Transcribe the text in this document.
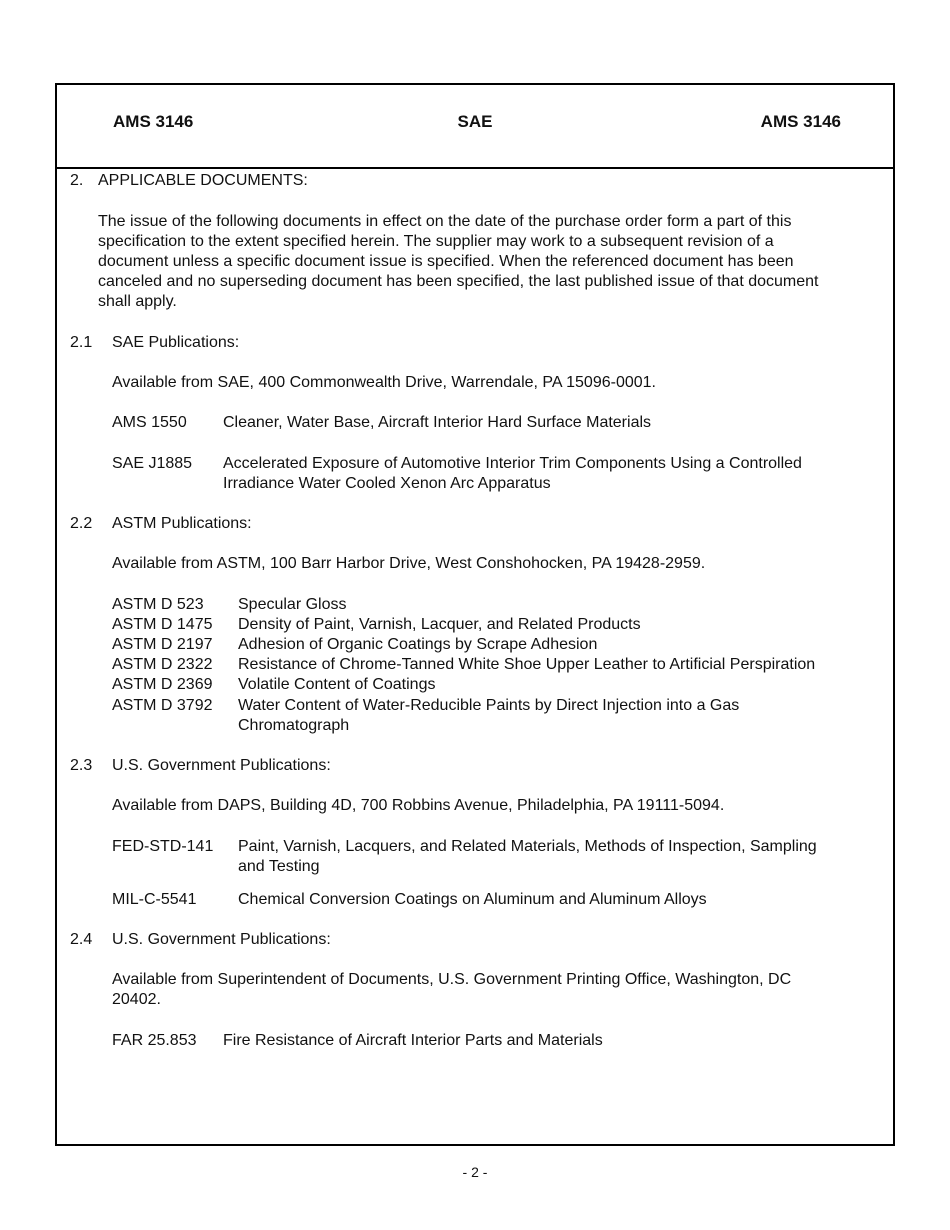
AMS 3146	SAE	AMS 3146
2. APPLICABLE DOCUMENTS:
The issue of the following documents in effect on the date of the purchase order form a part of this
specification to the extent specified herein. The supplier may work to a subsequent revision of a
document unless a specific document issue is specified. When the referenced document has been
canceled and no superseding document has been specified, the last published issue of that document
shall apply.
2.1 SAE Publications:
Available from SAE, 400 Commonwealth Drive, Warrendale, PA 15096-0001.
AMS 1550 Cleaner, Water Base, Aircraft Interior Hard Surface Materials
SAE J1885 Accelerated Exposure of Automotive Interior Trim Components Using a Controlled
Irradiance Water Cooled Xenon Arc Apparatus
2.2 ASTM Publications:
Available from ASTM, 100 Barr Harbor Drive, West Conshohocken, PA 19428-2959.
ASTM D 523 Specular Gloss
ASTM D 1475 Density of Paint, Varnish, Lacquer, and Related Products
ASTM D 2197 Adhesion of Organic Coatings by Scrape Adhesion
ASTM D 2322 Resistance of Chrome-Tanned White Shoe Upper Leather to Artificial Perspiration
ASTM D 2369 Volatile Content of Coatings
ASTM D 3792 Water Content of Water-Reducible Paints by Direct Injection into a Gas
Chromatograph
2.3 U.S. Government Publications:
Available from DAPS, Building 4D, 700 Robbins Avenue, Philadelphia, PA 19111-5094.
FED-STD-141 Paint, Varnish, Lacquers, and Related Materials, Methods of Inspection, Sampling
and Testing
MIL-C-5541	Chemical Conversion Coatings on Aluminum and Aluminum Alloys
2.4 U.S. Government Publications:
Available from Superintendent of Documents, U.S. Government Printing Office, Washington, DC
20402.
FAR 25.853 Fire Resistance of Aircraft Interior Parts and Materials
- 2 -
